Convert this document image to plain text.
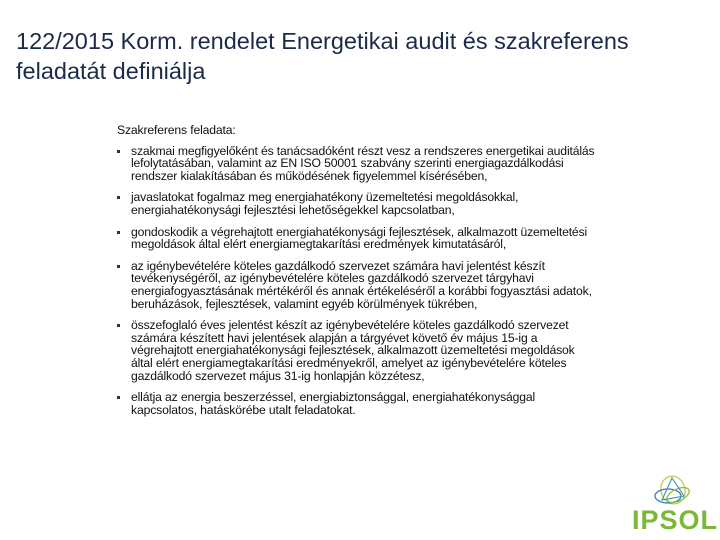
122/2015 Korm. rendelet Energetikai audit és szakreferens feladatát definiálja
Szakreferens feladata:
szakmai megfigyelőként és tanácsadóként részt vesz a rendszeres energetikai auditálás lefolytatásában, valamint az EN ISO 50001 szabvány szerinti energiagazdálkodási rendszer kialakításában és működésének figyelemmel kísérésében,
javaslatokat fogalmaz meg energiahatékony üzemeltetési megoldásokkal, energiahatékonysági fejlesztési lehetőségekkel kapcsolatban,
gondoskodik a végrehajtott energiahatékonysági fejlesztések, alkalmazott üzemeltetési megoldások által elért energiamegtakarítási eredmények kimutatásáról,
az igénybevételére köteles gazdálkodó szervezet számára havi jelentést készít tevékenységéről, az igénybevételére köteles gazdálkodó szervezet tárgyhavi energiafogyasztásának mértékéről és annak értékeléséről a korábbi fogyasztási adatok, beruházások, fejlesztések, valamint egyéb körülmények tükrében,
összefoglaló éves jelentést készít az igénybevételére köteles gazdálkodó szervezet számára készített havi jelentések alapján a tárgyévet követő év május 15-ig a végrehajtott energiahatékonysági fejlesztések, alkalmazott üzemeltetési megoldások által elért energiamegtakarítási eredményekről, amelyet az igénybevételére köteles gazdálkodó szervezet május 31-ig honlapján közzétesz,
ellátja az energia beszerzéssel, energiabiztonsággal, energiahatékonysággal kapcsolatos, hatáskörébe utalt feladatokat.
IPSOL
